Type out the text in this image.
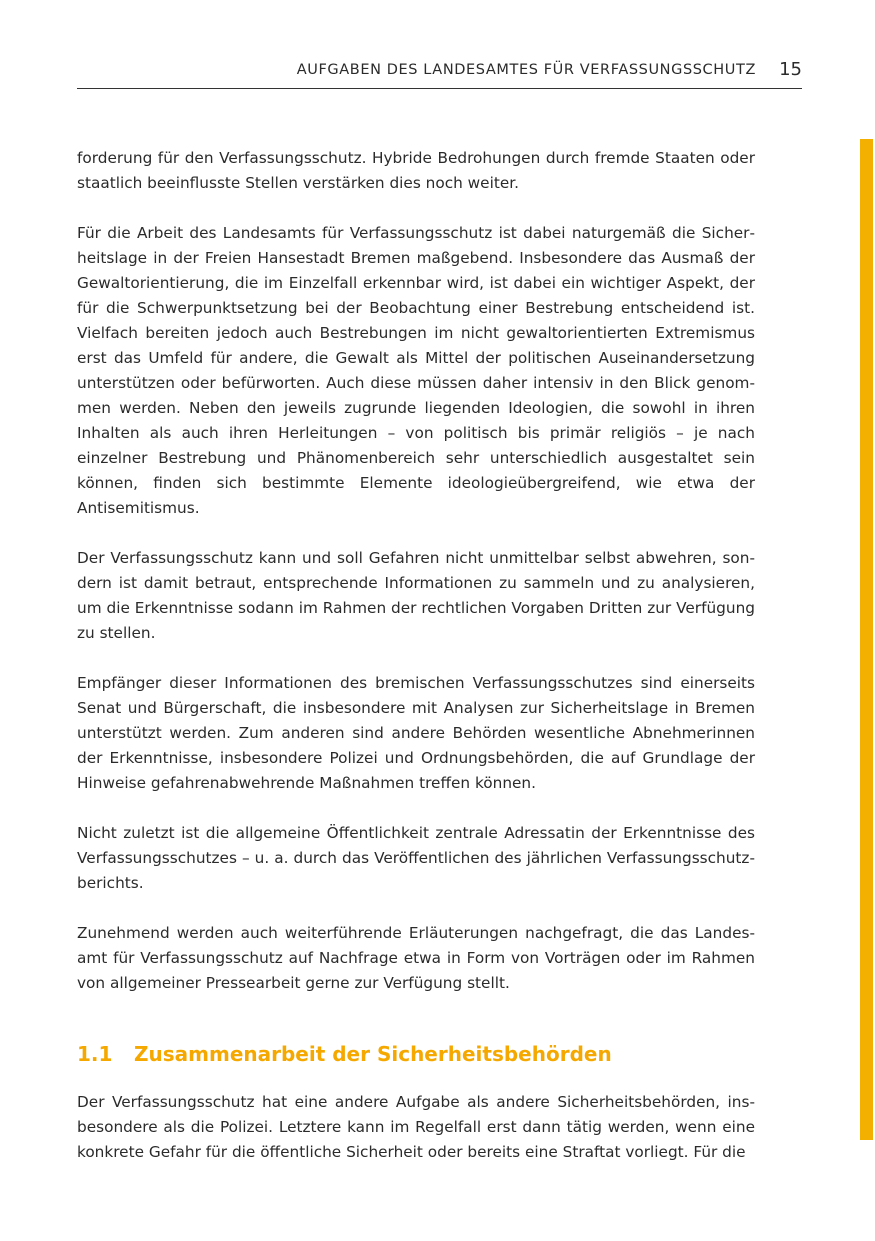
AUFGABEN DES LANDESAMTES FÜR VERFASSUNGSSCHUTZ 15

forderung für den Verfassungsschutz. Hybride Bedrohungen durch fremde Staaten oder staatlich beeinflusste Stellen verstärken dies noch weiter.

Für die Arbeit des Landesamts für Verfassungsschutz ist dabei naturgemäß die Sicherheitslage in der Freien Hansestadt Bremen maßgebend. Insbesondere das Ausmaß der Gewaltorientierung, die im Einzelfall erkennbar wird, ist dabei ein wichtiger Aspekt, der für die Schwerpunktsetzung bei der Beobachtung einer Bestrebung entscheidend ist. Vielfach bereiten jedoch auch Bestrebungen im nicht gewaltorientierten Extremismus erst das Umfeld für andere, die Gewalt als Mittel der politischen Auseinandersetzung unterstützen oder befürworten. Auch diese müssen daher intensiv in den Blick genommen werden. Neben den jeweils zugrunde liegenden Ideologien, die sowohl in ihren Inhalten als auch ihren Herleitungen – von politisch bis primär religiös – je nach einzelner Bestrebung und Phänomenbereich sehr unterschiedlich ausgestaltet sein können, finden sich bestimmte Elemente ideologieübergreifend, wie etwa der Antisemitismus.

Der Verfassungsschutz kann und soll Gefahren nicht unmittelbar selbst abwehren, sondern ist damit betraut, entsprechende Informationen zu sammeln und zu analysieren, um die Erkenntnisse sodann im Rahmen der rechtlichen Vorgaben Dritten zur Verfügung zu stellen.

Empfänger dieser Informationen des bremischen Verfassungsschutzes sind einerseits Senat und Bürgerschaft, die insbesondere mit Analysen zur Sicherheitslage in Bremen unterstützt werden. Zum anderen sind andere Behörden wesentliche Abnehmerinnen der Erkenntnisse, insbesondere Polizei und Ordnungsbehörden, die auf Grundlage der Hinweise gefahrenabwehrende Maßnahmen treffen können.

Nicht zuletzt ist die allgemeine Öffentlichkeit zentrale Adressatin der Erkenntnisse des Verfassungsschutzes – u. a. durch das Veröffentlichen des jährlichen Verfassungsschutzberichts.

Zunehmend werden auch weiterführende Erläuterungen nachgefragt, die das Landesamt für Verfassungsschutz auf Nachfrage etwa in Form von Vorträgen oder im Rahmen von allgemeiner Pressearbeit gerne zur Verfügung stellt.

1.1 Zusammenarbeit der Sicherheitsbehörden

Der Verfassungsschutz hat eine andere Aufgabe als andere Sicherheitsbehörden, insbesondere als die Polizei. Letztere kann im Regelfall erst dann tätig werden, wenn eine konkrete Gefahr für die öffentliche Sicherheit oder bereits eine Straftat vorliegt. Für die
